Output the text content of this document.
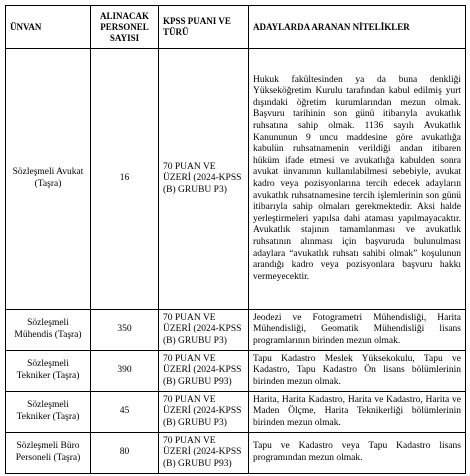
ÜNVAN	ALINACAK PERSONEL SAYISI	KPSS PUANI VE TÜRÜ	ADAYLARDA ARANAN NİTELİKLER
Sözleşmeli Avukat (Taşra)	16	70 PUAN VE ÜZERİ (2024-KPSS (B) GRUBU P3)	Hukuk fakültesinden ya da buna denkliği Yükseköğretim Kurulu tarafından kabul edilmiş yurt dışındaki öğretim kurumlarından mezun olmak. Başvuru tarihinin son günü itibarıyla avukatlık ruhsatına sahip olmak. 1136 sayılı Avukatlık Kanununun 9 uncu maddesine göre avukatlığa kabulün ruhsatnamenin verildiği andan itibaren hüküm ifade etmesi ve avukatlığa kabulden sonra avukat ünvanının kullanılabilmesi sebebiyle, avukat kadro veya pozisyonlarına tercih edecek adayların avukatlık ruhsatnamesine tercih işlemlerinin son günü itibarıyla sahip olmaları gerekmektedir. Aksi halde yerleştirmeleri yapılsa dahi ataması yapılmayacaktır. Avukatlık stajının tamamlanması ve avukatlık ruhsatının alınması için başvuruda bulunulması adaylara “avukatlık ruhsatı sahibi olmak” koşulunun arandığı kadro veya pozisyonlara başvuru hakkı vermeyecektir.
Sözleşmeli Mühendis (Taşra)	350	70 PUAN VE ÜZERİ (2024-KPSS (B) GRUBU P3)	Jeodezi ve Fotogrametri Mühendisliği, Harita Mühendisliği, Geomatik Mühendisliği lisans programlarının birinden mezun olmak.
Sözleşmeli Tekniker (Taşra)	390	70 PUAN VE ÜZERİ (2024-KPSS (B) GRUBU P93)	Tapu Kadastro Meslek Yüksekokulu, Tapu ve Kadastro, Tapu Kadastro Ön lisans bölümlerinin birinden mezun olmak.
Sözleşmeli Tekniker (Taşra)	45	70 PUAN VE ÜZERİ (2024-KPSS (B) GRUBU P3)	Harita, Harita Kadastro, Harita ve Kadastro, Harita ve Maden Ölçme, Harita Teknikerliği bölümlerinin birinden mezun olmak.
Sözleşmeli Büro Personeli (Taşra)	80	70 PUAN VE ÜZERİ (2024-KPSS (B) GRUBU P93)	Tapu ve Kadastro veya Tapu Kadastro lisans programından mezun olmak.
